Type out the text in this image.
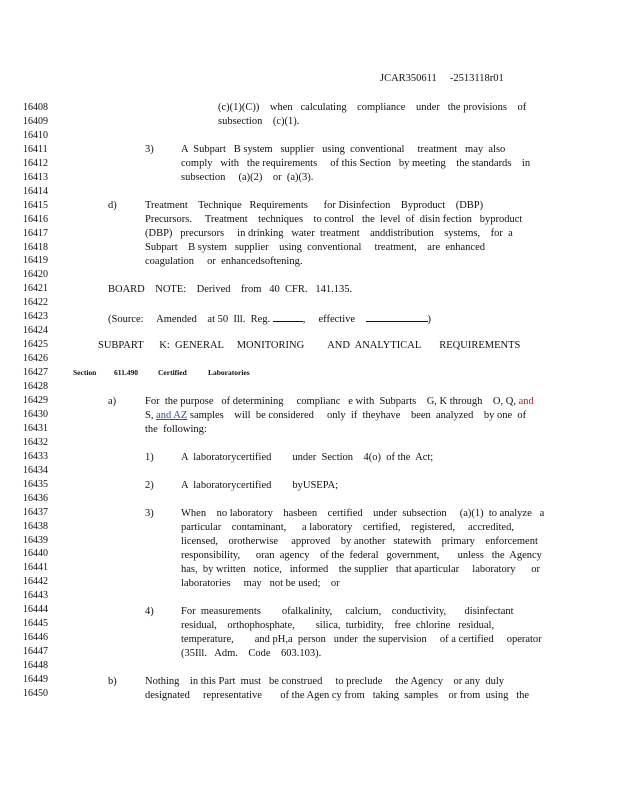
JCAR350611 -2513118r01
16408
16409
16410
16411
16412
16413
16414
16415
16416
16417
16418
16419
16420
16421
16422
16423
16424
16425
16426
16427
16428
16429
16430
16431
16432
16433
16434
16435
16436
16437
16438
16439
16440
16441
16442
16443
16444
16445
16446
16447
16448
16449
16450
(c)(1)(C))    when   calculating    compliance    under   the provisions    of
subsection    (c)(1).
3)	A  Subpart   B system   supplier   using  conventional     treatment   may  also
comply   with   the requirements     of this Section   by meeting    the standards    in
subsection     (a)(2)    or  (a)(3).
d)	Treatment    Technique   Requirements      for Disinfection    Byproduct    (DBP)
Precursors.     Treatment    techniques    to control   the  level  of  disin fection   byproduct
(DBP)   precursors     in drinking   water  treatment    anddistribution    systems,    for  a
Subpart    B system   supplier    using  conventional     treatment,    are  enhanced
coagulation     or  enhancedsoftening.
BOARD    NOTE:    Derived    from   40  CFR.   141.135.
(Source:     Amended    at 50  Ill.  Reg.	,     effective	)
SUBPART      K:  GENERAL     MONITORING         AND  ANALYTICAL       REQUIREMENTS
Section 611.490	Certified	Laboratories
a)	For  the purpose   of determining     complianc   e with  Subparts    G, K through    O, Q, and
S, and AZ samples    will  be considered     only  if  theyhave    been  analyzed    by one  of
the  following:
1)	A  laboratorycertified        under  Section    4(o)  of the  Act;
2)	A  laboratorycertified        byUSEPA;
3)	When    no laboratory    hasbeen    certified    under  subsection     (a)(1)  to analyze   a
particular    contaminant,      a laboratory    certified,    registered,     accredited,
licensed,    orotherwise     approved    by another   statewith    primary    enforcement
responsibility,      oran  agency    of the  federal   government,       unless   the  Agency
has,  by written   notice,   informed    the supplier   that aparticular     laboratory      or
laboratories     may   not be used;    or
4)	For  measurements        ofalkalinity,     calcium,    conductivity,       disinfectant
residual,    orthophosphate,        silica,  turbidity,    free  chlorine   residual,
temperature,        and pH,a  person   under  the supervision     of a certified     operator
(35Ill.   Adm.    Code    603.103).
b)	Nothing    in this Part  must   be construed     to preclude     the Agency    or any  duly
designated     representative       of the Agen cy from   taking  samples    or from  using   the
